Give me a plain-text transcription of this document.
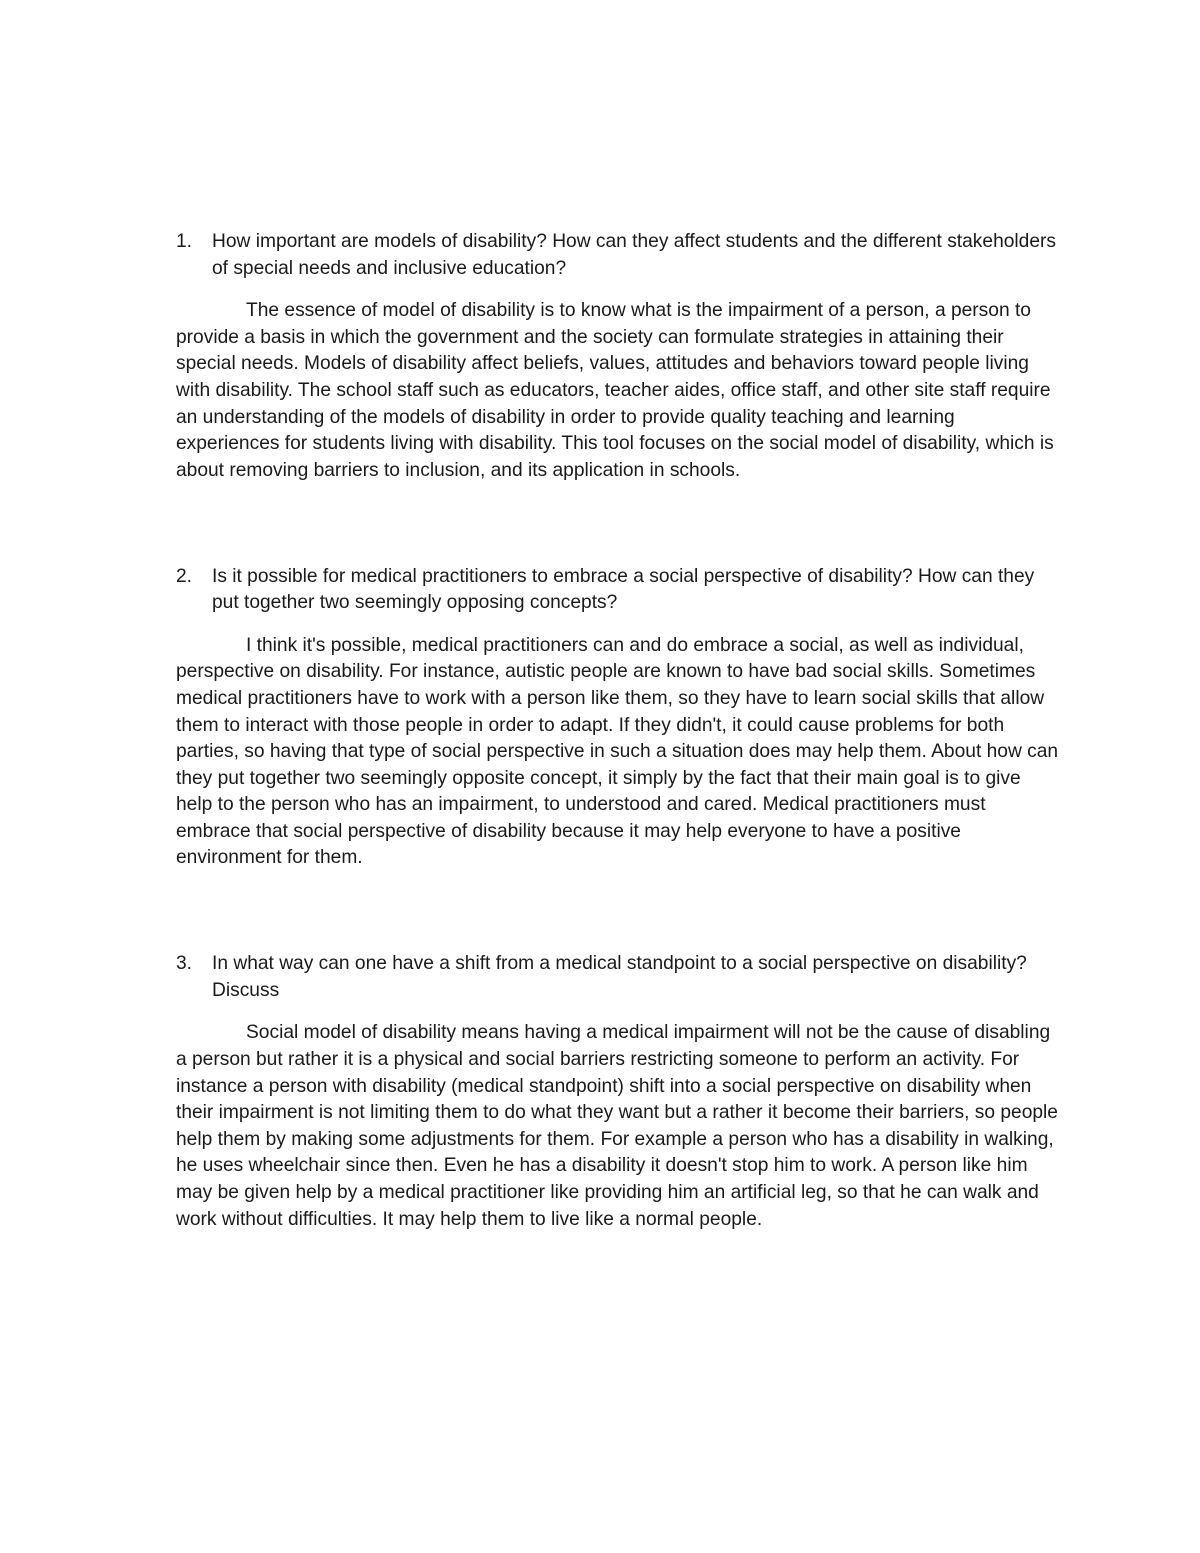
1.	How important are models of disability? How can they affect students and the different stakeholders of special needs and inclusive education?

The essence of model of disability is to know what is the impairment of a person, a person to provide a basis in which the government and the society can formulate strategies in attaining their special needs. Models of disability affect beliefs, values, attitudes and behaviors toward people living with disability. The school staff such as educators, teacher aides, office staff, and other site staff require an understanding of the models of disability in order to provide quality teaching and learning experiences for students living with disability. This tool focuses on the social model of disability, which is about removing barriers to inclusion, and its application in schools.

2.	Is it possible for medical practitioners to embrace a social perspective of disability? How can they put together two seemingly opposing concepts?

I think it's possible, medical practitioners can and do embrace a social, as well as individual, perspective on disability. For instance, autistic people are known to have bad social skills. Sometimes medical practitioners have to work with a person like them, so they have to learn social skills that allow them to interact with those people in order to adapt. If they didn't, it could cause problems for both parties, so having that type of social perspective in such a situation does may help them. About how can they put together two seemingly opposite concept, it simply by the fact that their main goal is to give help to the person who has an impairment, to understood and cared. Medical practitioners must embrace that social perspective of disability because it may help everyone to have a positive environment for them.

3.	In what way can one have a shift from a medical standpoint to a social perspective on disability? Discuss

Social model of disability means having a medical impairment will not be the cause of disabling a person but rather it is a physical and social barriers restricting someone to perform an activity. For instance a person with disability (medical standpoint) shift into a social perspective on disability when their impairment is not limiting them to do what they want but a rather it become their barriers, so people help them by making some adjustments for them. For example a person who has a disability in walking, he uses wheelchair since then. Even he has a disability it doesn't stop him to work. A person like him may be given help by a medical practitioner like providing him an artificial leg, so that he can walk and work without difficulties. It may help them to live like a normal people.
